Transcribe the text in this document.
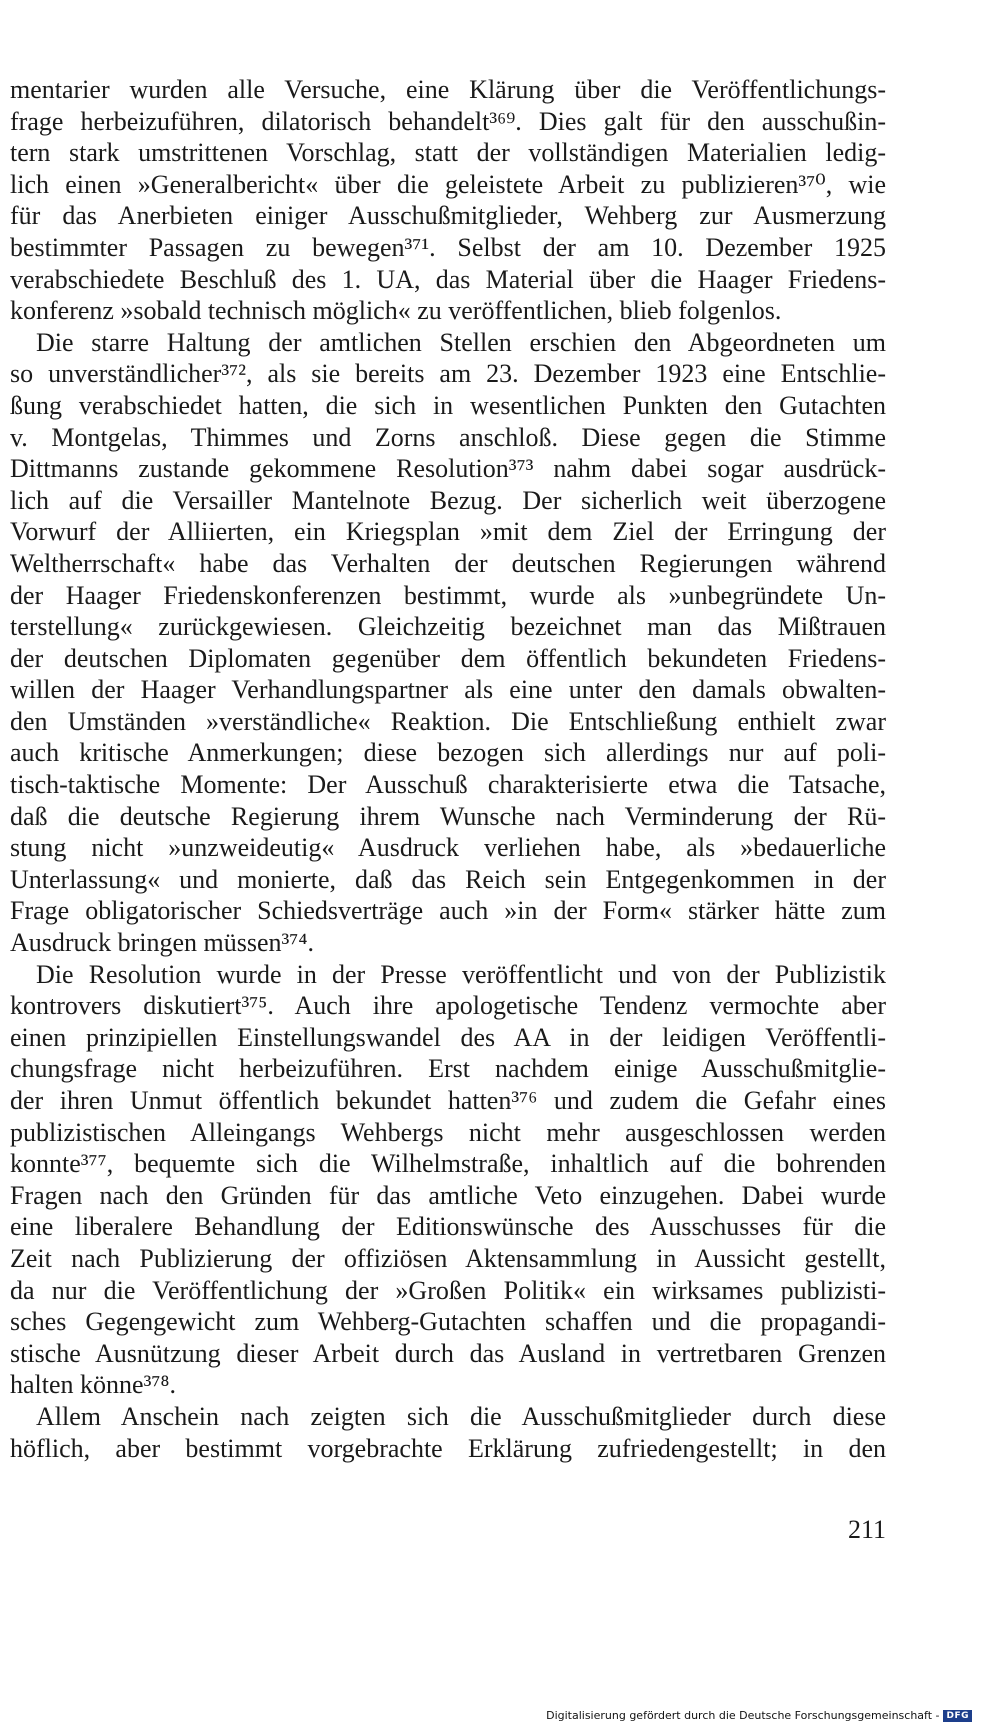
mentarier wurden alle Versuche, eine Klärung über die Veröffentlichungs-
frage herbeizuführen, dilatorisch behandelt³⁶⁹. Dies galt für den ausschußin-
tern stark umstrittenen Vorschlag, statt der vollständigen Materialien ledig-
lich einen »Generalbericht« über die geleistete Arbeit zu publizieren³⁷⁰, wie
für das Anerbieten einiger Ausschußmitglieder, Wehberg zur Ausmerzung
bestimmter Passagen zu bewegen³⁷¹. Selbst der am 10. Dezember 1925
verabschiedete Beschluß des 1. UA, das Material über die Haager Friedens-
konferenz »sobald technisch möglich« zu veröffentlichen, blieb folgenlos.
Die starre Haltung der amtlichen Stellen erschien den Abgeordneten um
so unverständlicher³⁷², als sie bereits am 23. Dezember 1923 eine Entschlie-
ßung verabschiedet hatten, die sich in wesentlichen Punkten den Gutachten
v. Montgelas, Thimmes und Zorns anschloß. Diese gegen die Stimme
Dittmanns zustande gekommene Resolution³⁷³ nahm dabei sogar ausdrück-
lich auf die Versailler Mantelnote Bezug. Der sicherlich weit überzogene
Vorwurf der Alliierten, ein Kriegsplan »mit dem Ziel der Erringung der
Weltherrschaft« habe das Verhalten der deutschen Regierungen während
der Haager Friedenskonferenzen bestimmt, wurde als »unbegründete Un-
terstellung« zurückgewiesen. Gleichzeitig bezeichnet man das Mißtrauen
der deutschen Diplomaten gegenüber dem öffentlich bekundeten Friedens-
willen der Haager Verhandlungspartner als eine unter den damals obwalten-
den Umständen »verständliche« Reaktion. Die Entschließung enthielt zwar
auch kritische Anmerkungen; diese bezogen sich allerdings nur auf poli-
tisch-taktische Momente: Der Ausschuß charakterisierte etwa die Tatsache,
daß die deutsche Regierung ihrem Wunsche nach Verminderung der Rü-
stung nicht »unzweideutig« Ausdruck verliehen habe, als »bedauerliche
Unterlassung« und monierte, daß das Reich sein Entgegenkommen in der
Frage obligatorischer Schiedsverträge auch »in der Form« stärker hätte zum
Ausdruck bringen müssen³⁷⁴.
Die Resolution wurde in der Presse veröffentlicht und von der Publizistik
kontrovers diskutiert³⁷⁵. Auch ihre apologetische Tendenz vermochte aber
einen prinzipiellen Einstellungswandel des AA in der leidigen Veröffentli-
chungsfrage nicht herbeizuführen. Erst nachdem einige Ausschußmitglie-
der ihren Unmut öffentlich bekundet hatten³⁷⁶ und zudem die Gefahr eines
publizistischen Alleingangs Wehbergs nicht mehr ausgeschlossen werden
konnte³⁷⁷, bequemte sich die Wilhelmstraße, inhaltlich auf die bohrenden
Fragen nach den Gründen für das amtliche Veto einzugehen. Dabei wurde
eine liberalere Behandlung der Editionswünsche des Ausschusses für die
Zeit nach Publizierung der offiziösen Aktensammlung in Aussicht gestellt,
da nur die Veröffentlichung der »Großen Politik« ein wirksames publizisti-
sches Gegengewicht zum Wehberg-Gutachten schaffen und die propagandi-
stische Ausnützung dieser Arbeit durch das Ausland in vertretbaren Grenzen
halten könne³⁷⁸.
Allem Anschein nach zeigten sich die Ausschußmitglieder durch diese
höflich, aber bestimmt vorgebrachte Erklärung zufriedengestellt; in den
211
Digitalisierung gefördert durch die Deutsche Forschungsgemeinschaft - DFG
